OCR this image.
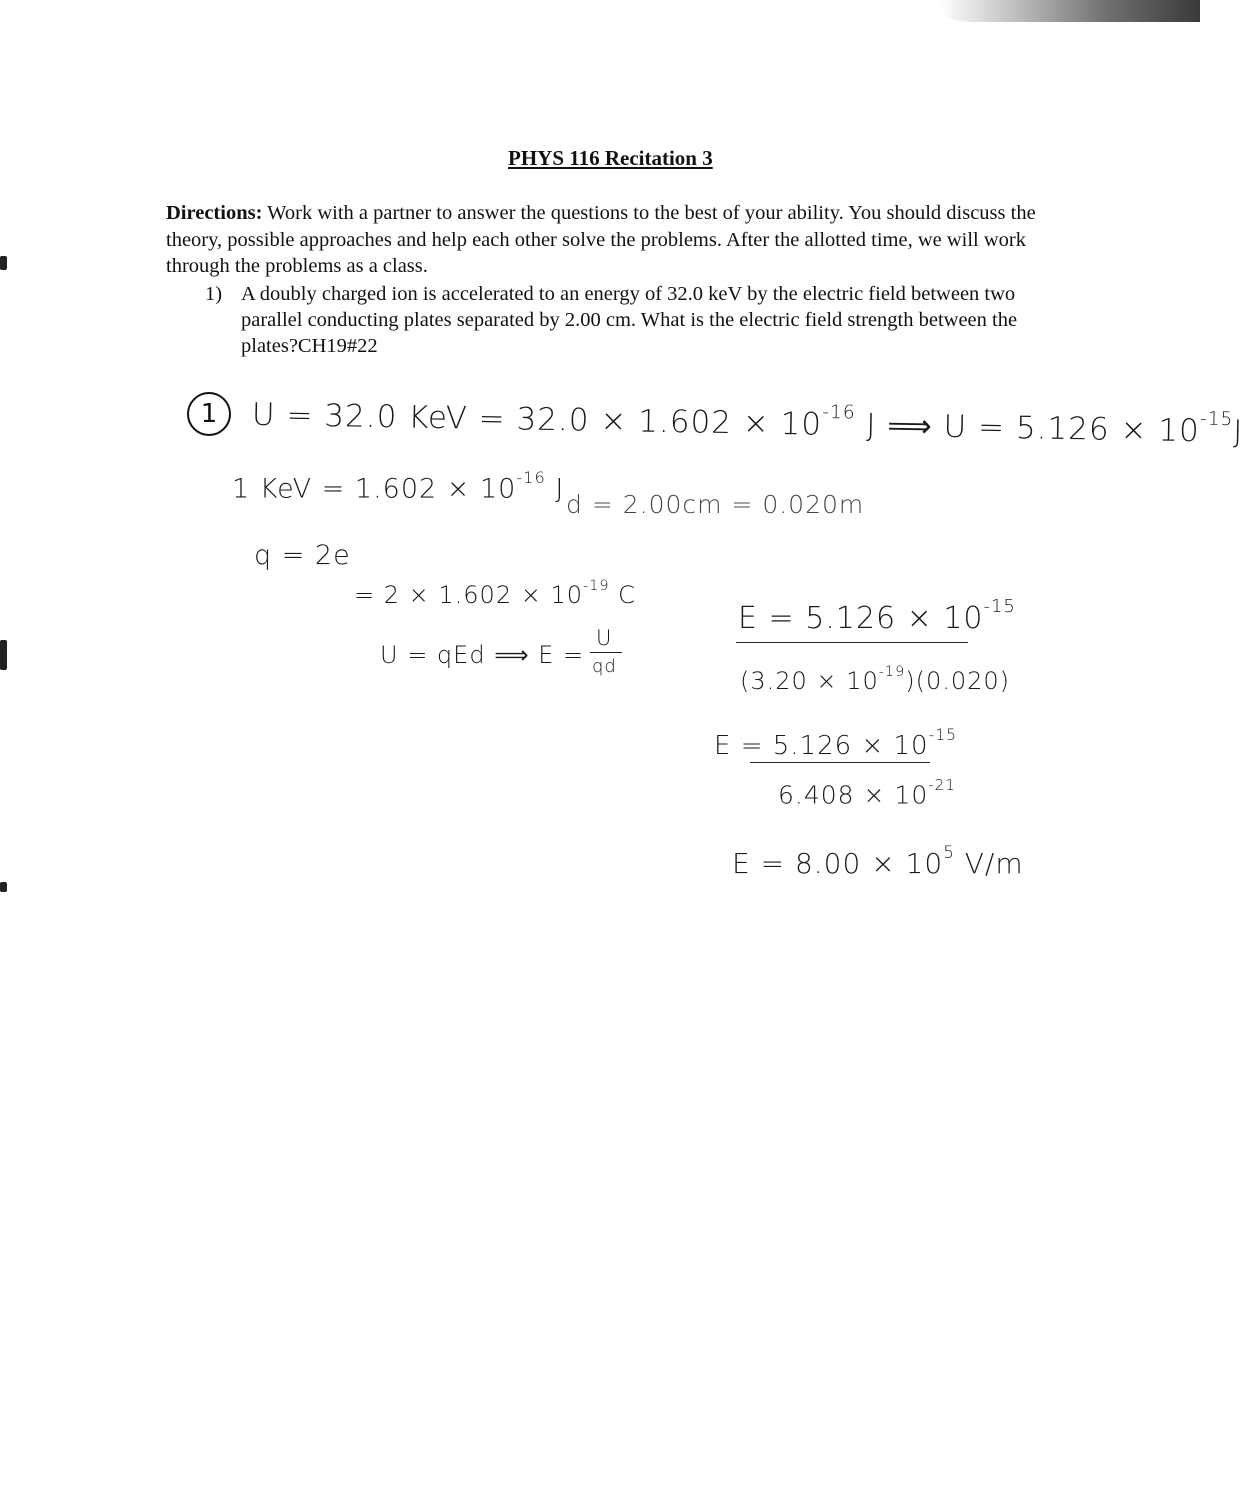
PHYS 116 Recitation 3
Directions: Work with a partner to answer the questions to the best of your ability. You should discuss the theory, possible approaches and help each other solve the problems. After the allotted time, we will work through the problems as a class.
1) A doubly charged ion is accelerated to an energy of 32.0 keV by the electric field between two parallel conducting plates separated by 2.00 cm. What is the electric field strength between the plates?CH19#22
1	U = 32.0 KeV = $32.0 \times 1.602 \times 10^{-16}$ J ⟹ $U = 5.126 \times 10^{-15}J$
1 KeV = $1.602 \times 10^{-16}$ J d = 2.00cm = 0.020m
q = 2e
= $2 \times 1.602 \times 10^{-19}$ C
U = qEd ⟹ E =
U
qd
$E = 5.126 \times 10^{-15}$
$(3.20 \times 10^{-19})(0.020)$
$E = 5.126 \times 10^{-15}$
$6.408 \times 10^{-21}$
$E = 8.00 \times 10^5$ V/m
